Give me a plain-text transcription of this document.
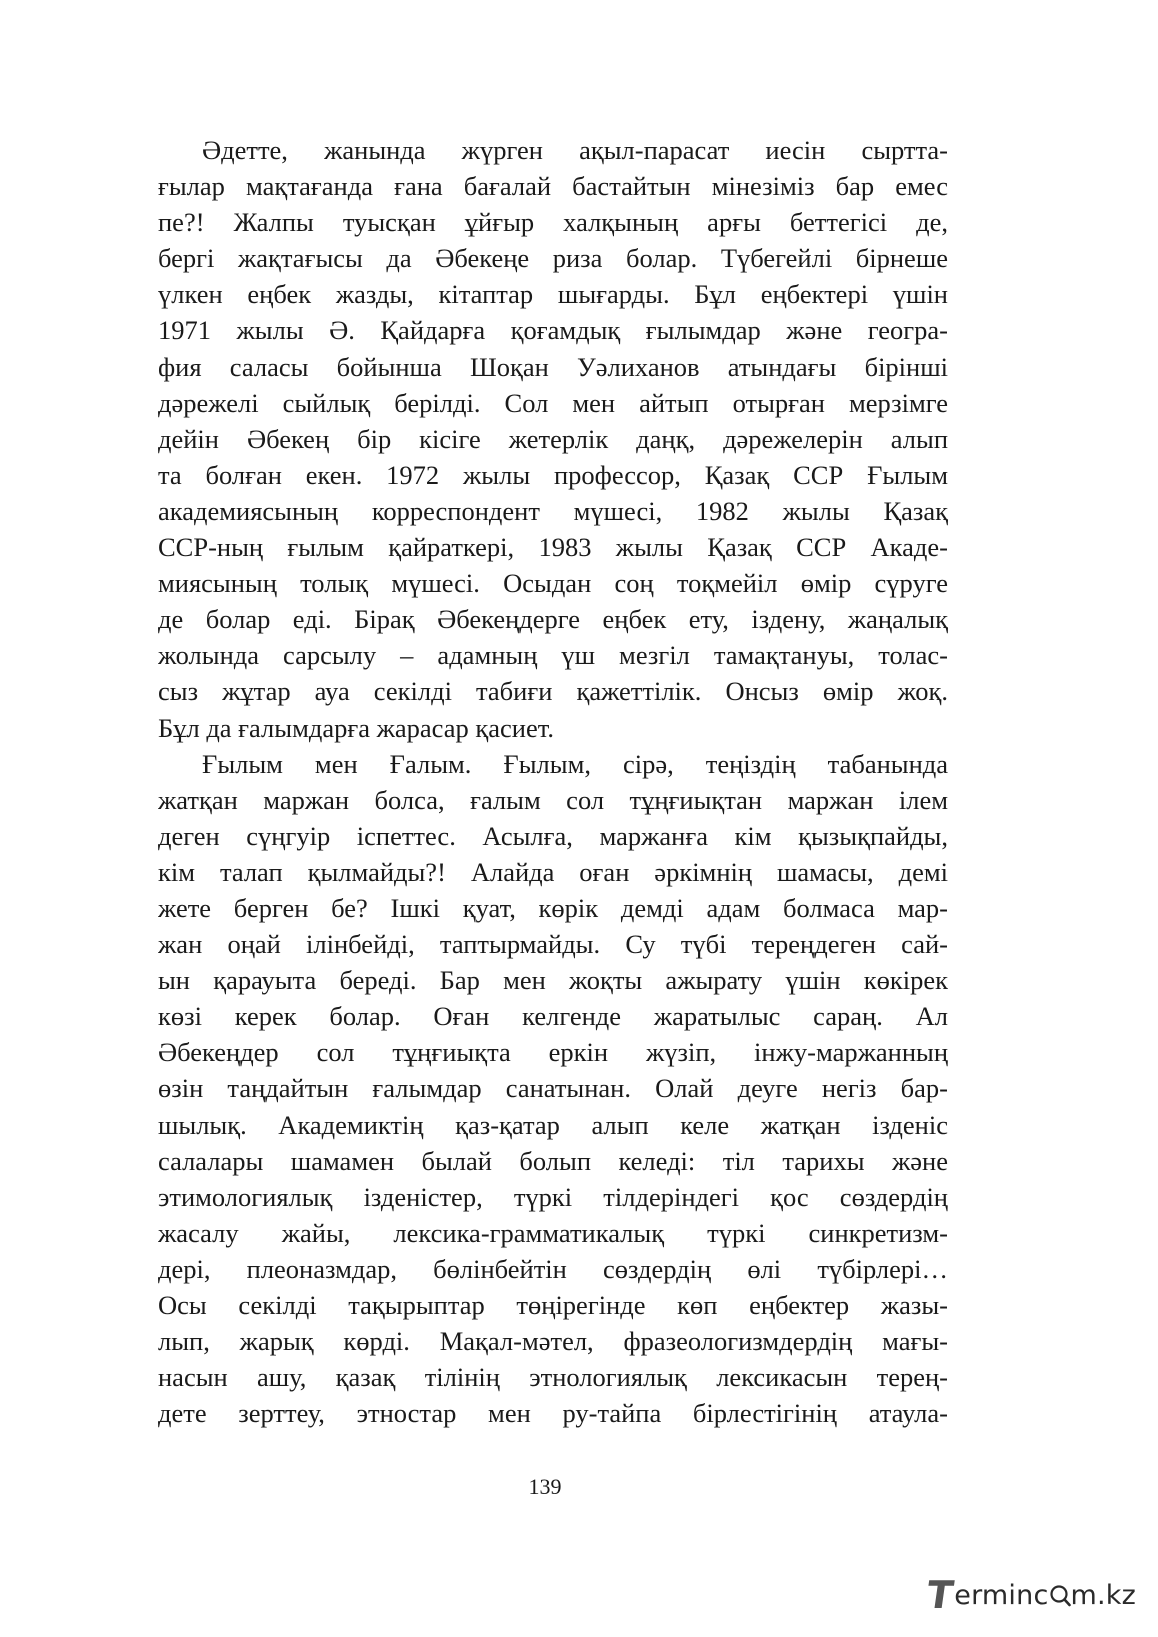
Әдетте, жанында жүрген ақыл-парасат иесін сыртта-
ғылар мақтағанда ғана бағалай бастайтын мінезіміз бар емес
пе?! Жалпы туысқан ұйғыр халқының арғы беттегісі де,
бергі жақтағысы да Әбекеңе риза болар. Түбегейлі бірнеше
үлкен еңбек жазды, кітаптар шығарды. Бұл еңбектері үшін
1971 жылы Ә. Қайдарға қоғамдық ғылымдар және геогра-
фия саласы бойынша Шоқан Уәлиханов атындағы бірінші
дәрежелі сыйлық берілді. Сол мен айтып отырған мерзімге
дейін Әбекең бір кісіге жетерлік даңқ, дәрежелерін алып
та болған екен. 1972 жылы профессор, Қазақ ССР Ғылым
академиясының корреспондент мүшесі, 1982 жылы Қазақ
ССР-ның ғылым қайраткері, 1983 жылы Қазақ ССР Акаде-
миясының толық мүшесі. Осыдан соң тоқмейіл өмір сүруге
де болар еді. Бірақ Әбекеңдерге еңбек ету, іздену, жаңалық
жолында сарсылу – адамның үш мезгіл тамақтануы, толас-
сыз жұтар ауа секілді табиғи қажеттілік. Онсыз өмір жоқ.
Бұл да ғалымдарға жарасар қасиет.
Ғылым мен Ғалым. Ғылым, сірә, теңіздің табанында
жатқан маржан болса, ғалым сол тұңғиықтан маржан ілем
деген сүңгуір іспеттес. Асылға, маржанға кім қызықпайды,
кім талап қылмайды?! Алайда оған әркімнің шамасы, демі
жете берген бе? Ішкі қуат, көрік демді адам болмаса мар-
жан оңай ілінбейді, таптырмайды. Су түбі тереңдеген сай-
ын қарауыта береді. Бар мен жоқты ажырату үшін көкірек
көзі керек болар. Оған келгенде жаратылыс сараң. Ал
Әбекеңдер сол тұңғиықта еркін жүзіп, інжу-маржанның
өзін таңдайтын ғалымдар санатынан. Олай деуге негіз бар-
шылық. Академиктің қаз-қатар алып келе жатқан ізденіс
салалары шамамен былай болып келеді: тіл тарихы және
этимологиялық ізденістер, түркі тілдеріндегі қос сөздердің
жасалу жайы, лексика-грамматикалық түркі синкретизм-
дері, плеоназмдар, бөлінбейтін сөздердің өлі түбірлері…
Осы секілді тақырыптар төңірегінде көп еңбектер жазы-
лып, жарық көрді. Мақал-мәтел, фразеологизмдердің мағы-
насын ашу, қазақ тілінің этнологиялық лексикасын терең-
детe зерттеу, этностар мен ру-тайпа бірлестігінің атаула-
139
T
erminc m.kz
